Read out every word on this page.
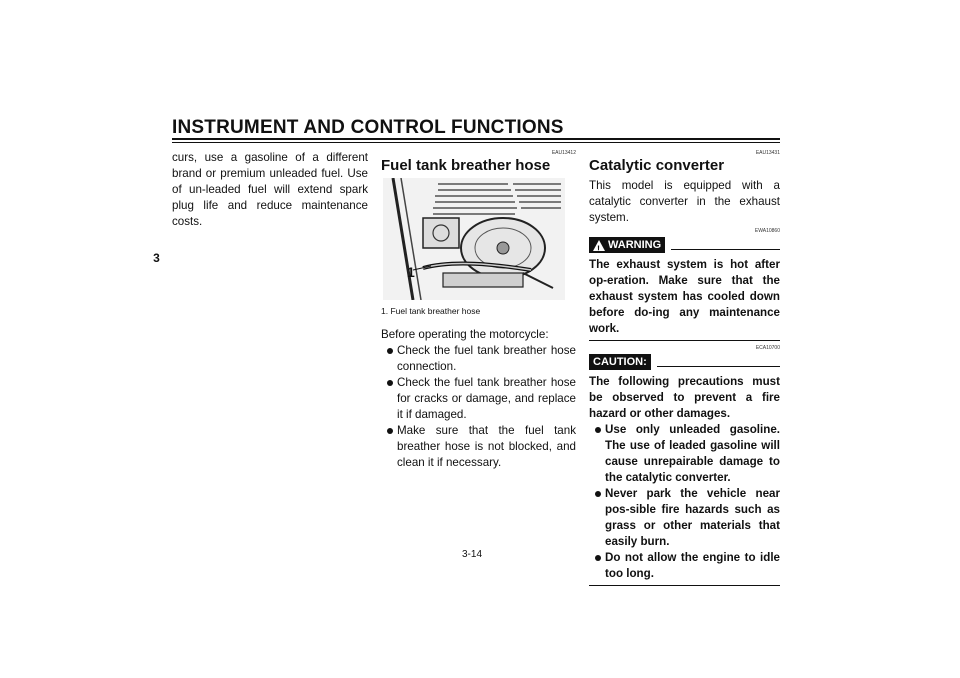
INSTRUMENT AND CONTROL FUNCTIONS
3

curs, use a gasoline of a different brand or premium unleaded fuel. Use of un-leaded fuel will extend spark plug life and reduce maintenance costs.

EAU13412

Fuel tank breather hose
1

1. Fuel tank breather hose

Before operating the motorcycle:

Check the fuel tank breather hose connection.
Check the fuel tank breather hose for cracks or damage, and replace it if damaged.
Make sure that the fuel tank breather hose is not blocked, and clean it if necessary.

EAU13431

Catalytic converter

This model is equipped with a catalytic converter in the exhaust system.

EWA10860

!
WARNING

The exhaust system is hot after op-eration. Make sure that the exhaust system has cooled down before do-ing any maintenance work.

ECA10700

CAUTION:

The following precautions must be observed to prevent a fire hazard or other damages.

Use only unleaded gasoline. The use of leaded gasoline will cause unrepairable damage to the catalytic converter.
Never park the vehicle near pos-sible fire hazards such as grass or other materials that easily burn.
Do not allow the engine to idle too long.
3-14
